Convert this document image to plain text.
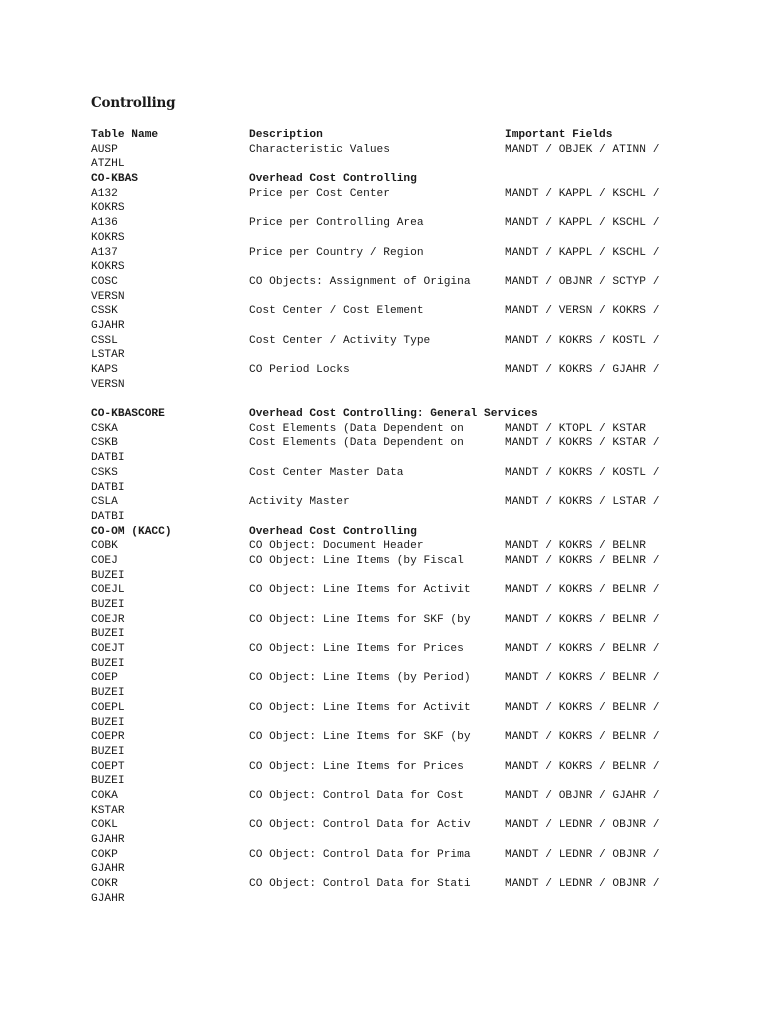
Controlling
Table Name	Description	Important Fields
AUSP	Characteristic Values	MANDT / OBJEK / ATINN /
ATZHL
CO-KBAS	Overhead Cost Controlling
A132	Price per Cost Center	MANDT / KAPPL / KSCHL /
KOKRS
A136	Price per Controlling Area	MANDT / KAPPL / KSCHL /
KOKRS
A137	Price per Country / Region	MANDT / KAPPL / KSCHL /
KOKRS
COSC	CO Objects: Assignment of Origina	MANDT / OBJNR / SCTYP /
VERSN
CSSK	Cost Center / Cost Element	MANDT / VERSN / KOKRS /
GJAHR
CSSL	Cost Center / Activity Type	MANDT / KOKRS / KOSTL /
LSTAR
KAPS	CO Period Locks	MANDT / KOKRS / GJAHR /
VERSN
CO-KBASCORE	Overhead Cost Controlling: General Services
CSKA	Cost Elements (Data Dependent on	MANDT / KTOPL / KSTAR
CSKB	Cost Elements (Data Dependent on	MANDT / KOKRS / KSTAR /
DATBI
CSKS	Cost Center Master Data	MANDT / KOKRS / KOSTL /
DATBI
CSLA	Activity Master	MANDT / KOKRS / LSTAR /
DATBI
CO-OM (KACC)	Overhead Cost Controlling
COBK	CO Object: Document Header	MANDT / KOKRS / BELNR
COEJ	CO Object: Line Items (by Fiscal	MANDT / KOKRS / BELNR /
BUZEI
COEJL	CO Object: Line Items for Activit	MANDT / KOKRS / BELNR /
BUZEI
COEJR	CO Object: Line Items for SKF (by	MANDT / KOKRS / BELNR /
BUZEI
COEJT	CO Object: Line Items for Prices	MANDT / KOKRS / BELNR /
BUZEI
COEP	CO Object: Line Items (by Period)	MANDT / KOKRS / BELNR /
BUZEI
COEPL	CO Object: Line Items for Activit	MANDT / KOKRS / BELNR /
BUZEI
COEPR	CO Object: Line Items for SKF (by	MANDT / KOKRS / BELNR /
BUZEI
COEPT	CO Object: Line Items for Prices	MANDT / KOKRS / BELNR /
BUZEI
COKA	CO Object: Control Data for Cost	MANDT / OBJNR / GJAHR /
KSTAR
COKL	CO Object: Control Data for Activ	MANDT / LEDNR / OBJNR /
GJAHR
COKP	CO Object: Control Data for Prima	MANDT / LEDNR / OBJNR /
GJAHR
COKR	CO Object: Control Data for Stati	MANDT / LEDNR / OBJNR /
GJAHR
